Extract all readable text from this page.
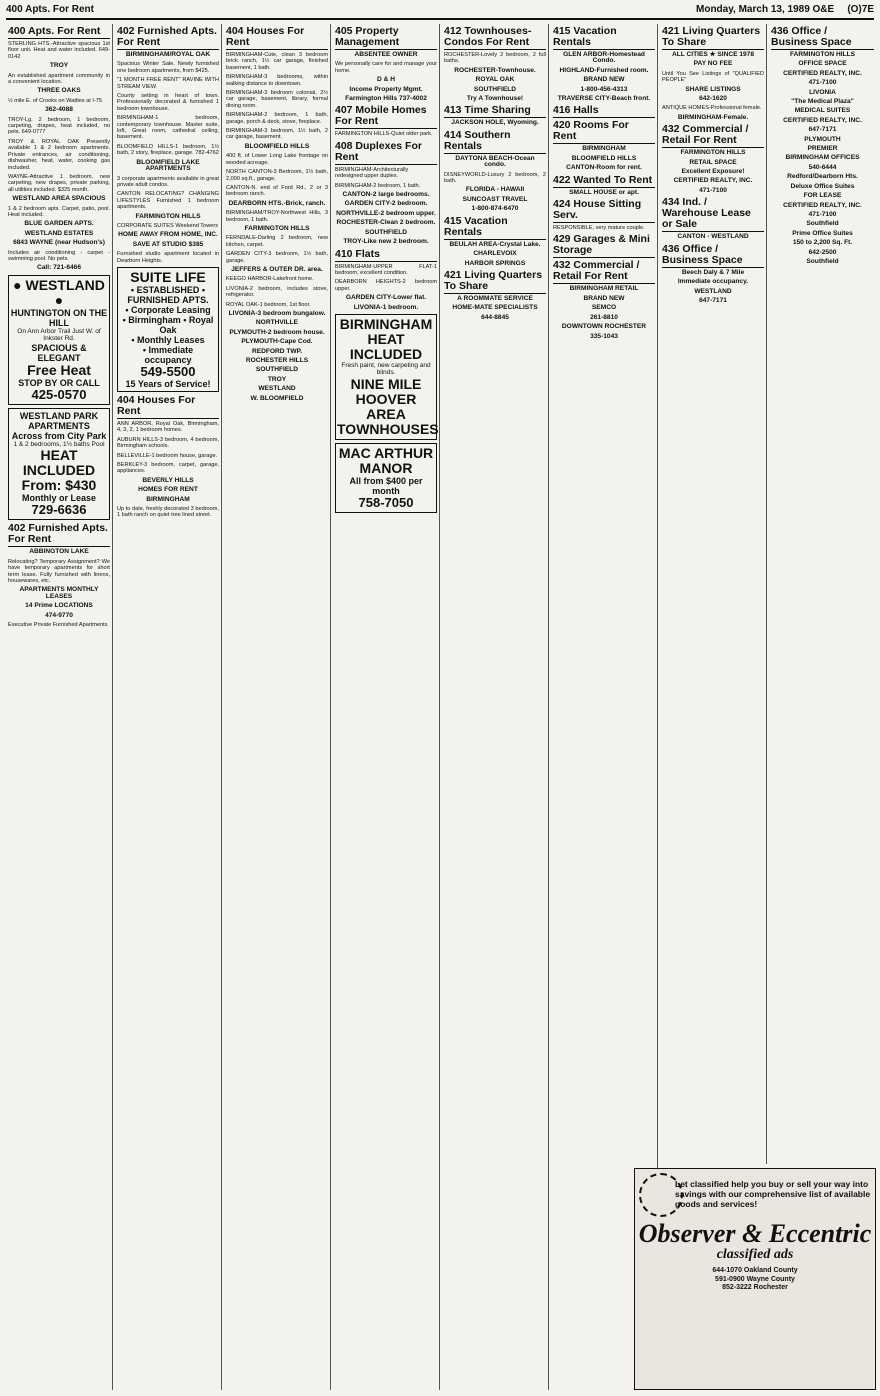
400 Apts. For Rent	Monday, March 13, 1989 O&E (O)7E
400 Apts. For Rent
STERLING HTS.-Attractive spacious 1st floor unit. Heat and water included. 649-0142
TROY
An established apartment community in a convenient location.
THREE OAKS
½ mile E. of Crooks on Wattles at I-75
362-4088
TROY-Lg. 2 bedroom, 1 bedroom, carpeting, drapes, heat included, no pets. 649-0777
TROY & ROYAL OAK Presently available 1 & 2 bedroom apartments. Private entrances, air conditioning, dishwasher, heat, water, cooking gas included.
WAYNE-Attractive 1 bedroom, new carpeting, new drapes, private parking, all utilities included. $325 month.
WESTLAND AREA SPACIOUS
1 & 2 bedroom apts. Carpet, patio, pool. Heat included.
BLUE GARDEN APTS.
WESTLAND ESTATES
6843 WAYNE (near Hudson's)
Includes air conditioning - carpet - swimming pool. No pets.
Call: 721-6466
● WESTLAND ●
HUNTINGTON ON THE HILL
On Ann Arbor Trail Just W. of Inkster Rd.
SPACIOUS & ELEGANT
Free Heat
STOP BY OR CALL
425-0570
WESTLAND PARK APARTMENTS
Across from City Park
1 & 2 bedrooms, 1½ baths Pool
HEAT INCLUDED
From: $430
Monthly or Lease
729-6636
402 Furnished Apts. For Rent
ABBINGTON LAKE
Relocating? Temporary Assignment? We have temporary apartments for short term lease. Fully furnished with linens, housewares, etc.
APARTMENTS MONTHLY LEASES
14 Prime LOCATIONS
474-9770
Executive Private Furnished Apartments
402 Furnished Apts. For Rent
BIRMINGHAM/ROYAL OAK
Spacious Winter Sale. Newly furnished one bedroom apartments, from $425.
"1 MONTH FREE RENT" RAVINE WITH STREAM VIEW
County setting in heart of town. Professionally decorated & furnished 1 bedroom townhouse.
BIRMINGHAM-1 bedroom, contemporary townhouse. Master suite, loft, Great room, cathedral ceiling, basement.
BLOOMFIELD HILLS-1 bedroom, 1½ bath, 2 story, fireplace, garage. 782-4762
BLOOMFIELD LAKE APARTMENTS
3 corporate apartments available in great private adult condos.
CANTON RELOCATING? CHANGING LIFESTYLES Furnished 1 bedroom apartments.
FARMINGTON HILLS
CORPORATE SUITES Weekend Towers
HOME AWAY FROM HOME, INC.
SAVE AT STUDIO $385
Furnished studio apartment located in Dearborn Heights.
SUITE LIFE
• ESTABLISHED •
FURNISHED APTS.
• Corporate Leasing
• Birmingham • Royal Oak
• Monthly Leases
• Immediate occupancy
549-5500
15 Years of Service!
404 Houses For Rent
ANN ARBOR, Royal Oak, Birmingham, 4, 3, 2, 1 bedroom homes.
AUBURN HILLS-3 bedroom, 4 bedroom, Birmingham schools.
BELLEVILLE-1 bedroom house, garage.
BERKLEY-3 bedroom, carpet, garage, appliances.
BEVERLY HILLS
HOMES FOR RENT
BIRMINGHAM
Up to date, freshly decorated 3 bedroom, 1 bath ranch on quiet tree lined street.
404 Houses For Rent
BIRMINGHAM-Cute, clean 3 bedroom brick ranch, 1½ car garage, finished basement, 1 bath.
BIRMINGHAM-3 bedrooms, within walking distance to downtown.
BIRMINGHAM-3 bedroom colonial, 2½ car garage, basement, library, formal dining room.
BIRMINGHAM-2 bedroom, 1 bath, garage, porch & deck, stove, fireplace.
BIRMINGHAM-3 bedroom, 1½ bath, 2 car garage, basement.
BLOOMFIELD HILLS
400 ft. of Lower Long Lake frontage on wooded acreage.
NORTH CANTON-3 Bedroom, 1½ bath, 2,000 sq.ft., garage.
CANTON-N. end of Ford Rd., 2 or 3 bedroom ranch.
DEARBORN HTS.-Brick, ranch.
BIRMINGHAM/TROY-Northwest Hills, 3 bedroom, 1 bath.
FARMINGTON HILLS
FERNDALE-Darling 2 bedroom, new kitchen, carpet.
GARDEN CITY-3 bedroom, 1½ bath, garage.
JEFFERS & OUTER DR. area.
KEEGO HARBOR-Lakefront home.
LIVONIA-2 bedroom, includes stove, refrigerator.
ROYAL OAK-1 bedroom, 1st floor.
LIVONIA-3 bedroom bungalow.
NORTHVILLE
PLYMOUTH-2 bedroom house.
PLYMOUTH-Cape Cod.
REDFORD TWP.
ROCHESTER HILLS
SOUTHFIELD
TROY
WESTLAND
W. BLOOMFIELD
405 Property Management
ABSENTEE OWNER
We personally care for and manage your home.
D & H
Income Property Mgmt.
Farmington Hills 737-4002
407 Mobile Homes For Rent
FARMINGTON HILLS-Quiet older park.
408 Duplexes For Rent
BIRMINGHAM-Architecturally redesigned upper duplex.
BIRMINGHAM-2 bedroom, 1 bath.
CANTON-2 large bedrooms.
GARDEN CITY-2 bedroom.
NORTHVILLE-2 bedroom upper.
ROCHESTER-Clean 2 bedroom.
SOUTHFIELD
TROY-Like new 2 bedroom.
410 Flats
BIRMINGHAM-UPPER FLAT-1 bedroom, excellent condition.
DEARBORN HEIGHTS-2 bedroom upper.
GARDEN CITY-Lower flat.
LIVONIA-1 bedroom.
BIRMINGHAM
HEAT INCLUDED
Fresh paint, new carpeting and blinds.
NINE MILE
HOOVER AREA
TOWNHOUSES
MAC ARTHUR
MANOR
All from $400 per month
758-7050
412 Townhouses-Condos For Rent
ROCHESTER-Lovely 2 bedroom, 2 full baths.
ROCHESTER-Townhouse.
ROYAL OAK
SOUTHFIELD
Try A Townhouse!
413 Time Sharing
JACKSON HOLE, Wyoming.
414 Southern Rentals
DAYTONA BEACH-Ocean condo.
DISNEYWORLD-Luxury 2 bedroom, 2 bath.
FLORIDA - HAWAII
SUNCOAST TRAVEL
1-800-874-6470
415 Vacation Rentals
BEULAH AREA-Crystal Lake.
CHARLEVOIX
HARBOR SPRINGS
421 Living Quarters To Share
A ROOMMATE SERVICE
HOME-MATE SPECIALISTS
644-8845
415 Vacation Rentals
GLEN ARBOR-Homestead Condo.
HIGHLAND-Furnished room.
BRAND NEW
1-800-456-4313
TRAVERSE CITY-Beach front.
416 Halls
420 Rooms For Rent
BIRMINGHAM
BLOOMFIELD HILLS
CANTON-Room for rent.
422 Wanted To Rent
SMALL HOUSE or apt.
424 House Sitting Serv.
RESPONSIBLE, very mature couple.
429 Garages & Mini Storage
432 Commercial / Retail For Rent
BIRMINGHAM RETAIL
BRAND NEW
SEMCO
261-8810
DOWNTOWN ROCHESTER
335-1043
421 Living Quarters To Share
ALL CITIES ★ SINCE 1978
PAY NO FEE
Until You See Listings of "QUALIFIED PEOPLE"
SHARE LISTINGS
642-1620
ANTIQUE HOMES-Professional female.
BIRMINGHAM-Female.
432 Commercial / Retail For Rent
FARMINGTON HILLS
RETAIL SPACE
Excellent Exposure!
CERTIFIED REALTY, INC.
471-7100
434 Ind. / Warehouse Lease or Sale
CANTON - WESTLAND
436 Office / Business Space
Beech Daly & 7 Mile
Immediate occupancy.
WESTLAND
647-7171
436 Office / Business Space
FARMINGTON HILLS
OFFICE SPACE
CERTIFIED REALTY, INC.
471-7100
LIVONIA
"The Medical Plaza"
MEDICAL SUITES
CERTIFIED REALTY, INC.
647-7171
PLYMOUTH
PREMIER
BIRMINGHAM OFFICES
540-6444
Redford/Dearborn Hts.
Deluxe Office Suites
FOR LEASE
CERTIFIED REALTY, INC.
471-7100
Southfield
Prime Office Suites
150 to 2,200 Sq. Ft.
642-2500
Southfield
Let classified help you buy or sell your way into savings with our comprehensive list of available goods and services!
Observer & Eccentric
classified ads
644-1070 Oakland County
591-0900 Wayne County
852-3222 Rochester
